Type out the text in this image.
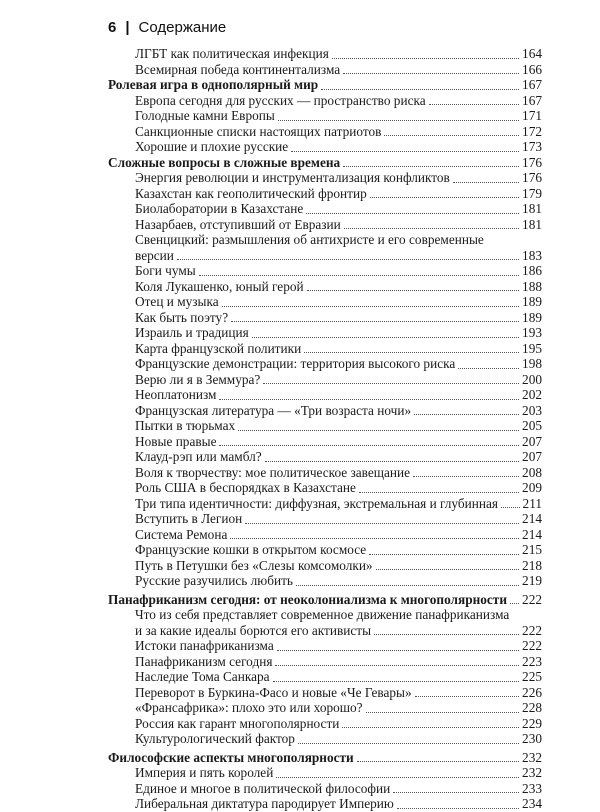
6 | Содержание
ЛГБТ как политическая инфекция	164
Всемирная победа континентализма	166
Ролевая игра в однополярный мир	167
Европа сегодня для русских — пространство риска	167
Голодные камни Европы	171
Санкционные списки настоящих патриотов	172
Хорошие и плохие русские	173
Сложные вопросы в сложные времена	176
Энергия революции и инструментализация конфликтов	176
Казахстан как геополитический фронтир	179
Биолаборатории в Казахстане	181
Назарбаев, отступивший от Евразии	181
Свенцицкий: размышления об антихристе и его современные
версии	183
Боги чумы	186
Коля Лукашенко, юный герой	188
Отец и музыка	189
Как быть поэту?	189
Израиль и традиция	193
Карта французской политики	195
Французские демонстрации: территория высокого риска	198
Верю ли я в Земмура?	200
Неоплатонизм	202
Французская литература — «Три возраста ночи»	203
Пытки в тюрьмах	205
Новые правые	207
Клауд-рэп или мамбл?	207
Воля к творчеству: мое политическое завещание	208
Роль США в беспорядках в Казахстане	209
Три типа идентичности: диффузная, экстремальная и глубинная 211
Вступить в Легион	214
Система Ремона	214
Французские кошки в открытом космосе	215
Путь в Петушки без «Слезы комсомолки»	218
Русские разучились любить	219
Панафриканизм сегодня: от неоколониализма к многополярности 222
Что из себя представляет современное движение панафриканизма
и за какие идеалы борются его активисты	222
Истоки панафриканизма	222
Панафриканизм сегодня	223
Наследие Тома Санкара	225
Переворот в Буркина-Фасо и новые «Че Гевары»	226
«Франсафрика»: плохо это или хорошо?	228
Россия как гарант многополярности	229
Культурологический фактор	230
Философские аспекты многополярности	232
Империя и пять королей	232
Единое и многое в политической философии	233
Либеральная диктатура пародирует Империю	234
